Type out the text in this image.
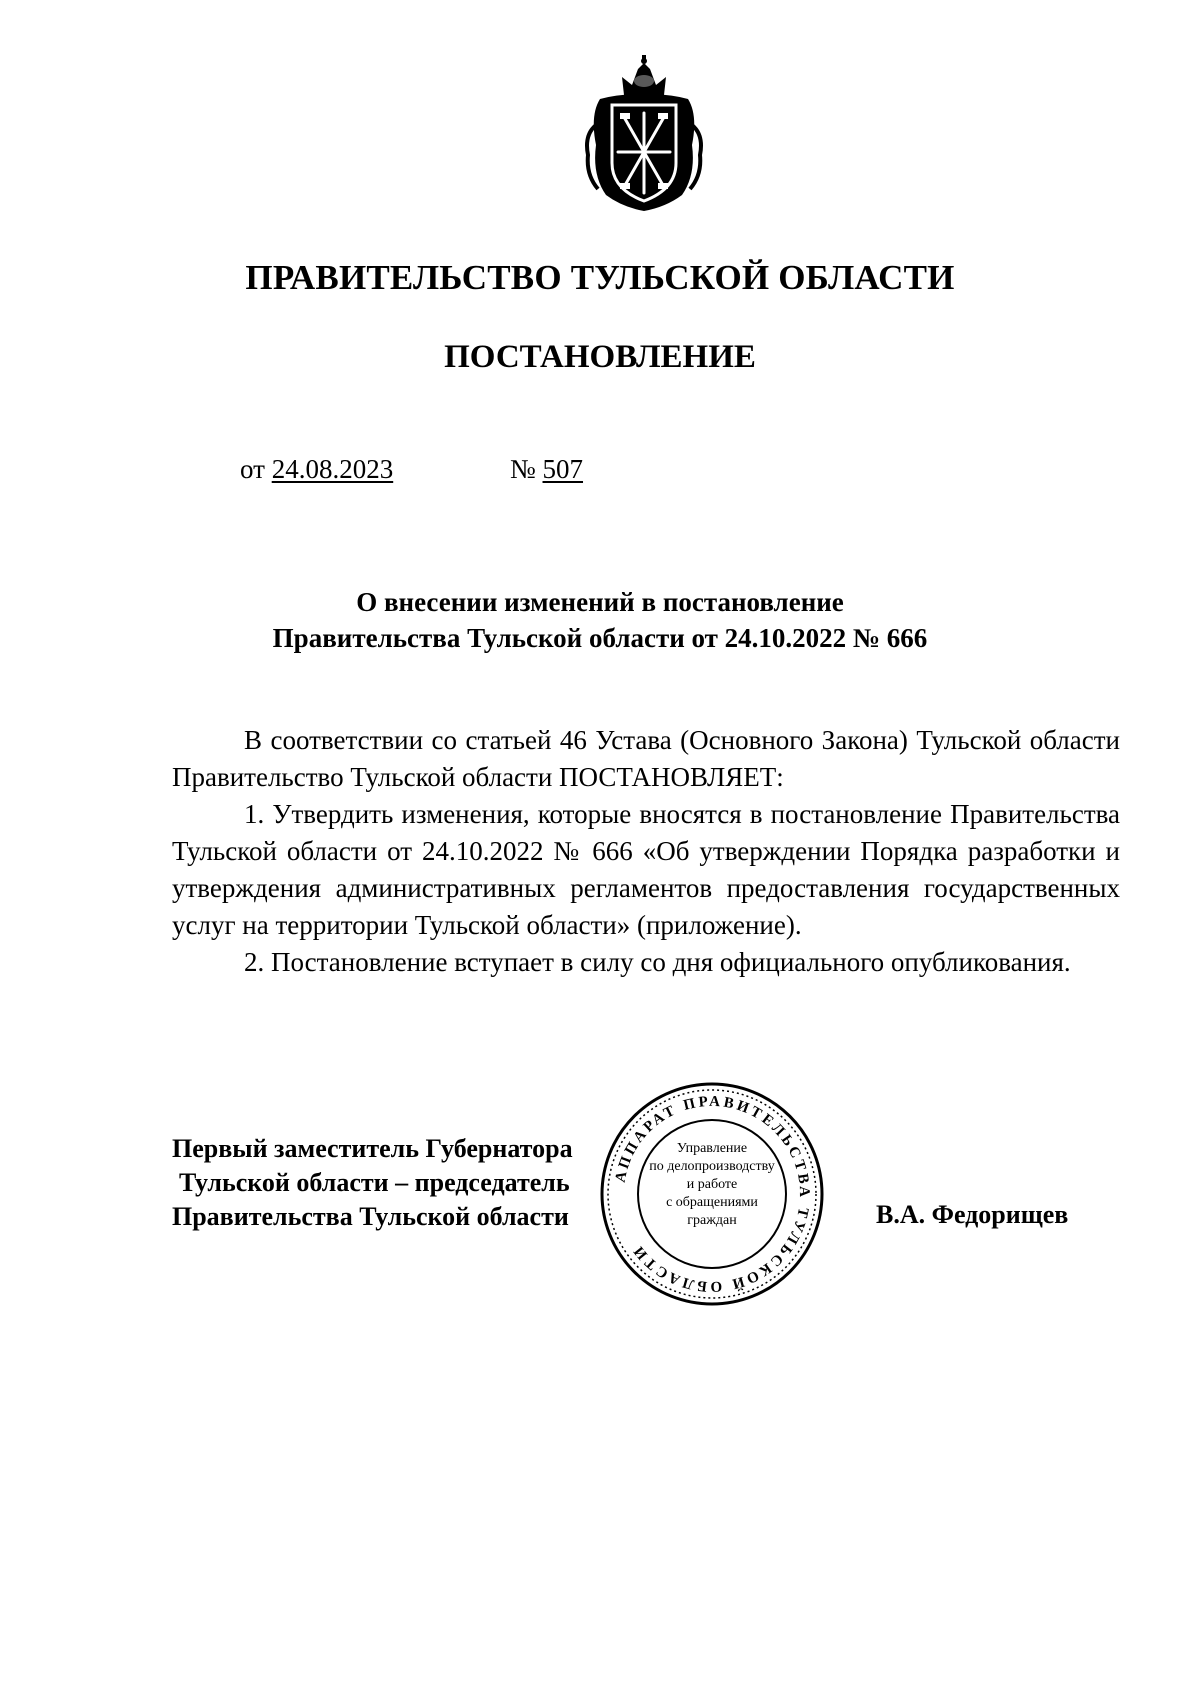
ПРАВИТЕЛЬСТВО ТУЛЬСКОЙ ОБЛАСТИ
ПОСТАНОВЛЕНИЕ
от 24.08.2023	№ 507
О внесении изменений в постановление
Правительства Тульской области от 24.10.2022 № 666

В соответствии со статьей 46 Устава (Основного Закона) Тульской области Правительство Тульской области ПОСТАНОВЛЯЕТ:

1. Утвердить изменения, которые вносятся в постановление Правительства Тульской области от 24.10.2022 № 666 «Об утверждении Порядка разработки и утверждения административных регламентов предоставления государственных услуг на территории Тульской области» (приложение).

2. Постановление вступает в силу со дня официального опубликования.

Первый заместитель Губернатора
Тульской области – председатель
Правительства Тульской области	В.А. Федорищев
АППАРАТ ПРАВИТЕЛЬСТВА ТУЛЬСКОЙ ОБЛАСТИ
Управление
по делопроизводству
и работе
с обращениями
граждан
